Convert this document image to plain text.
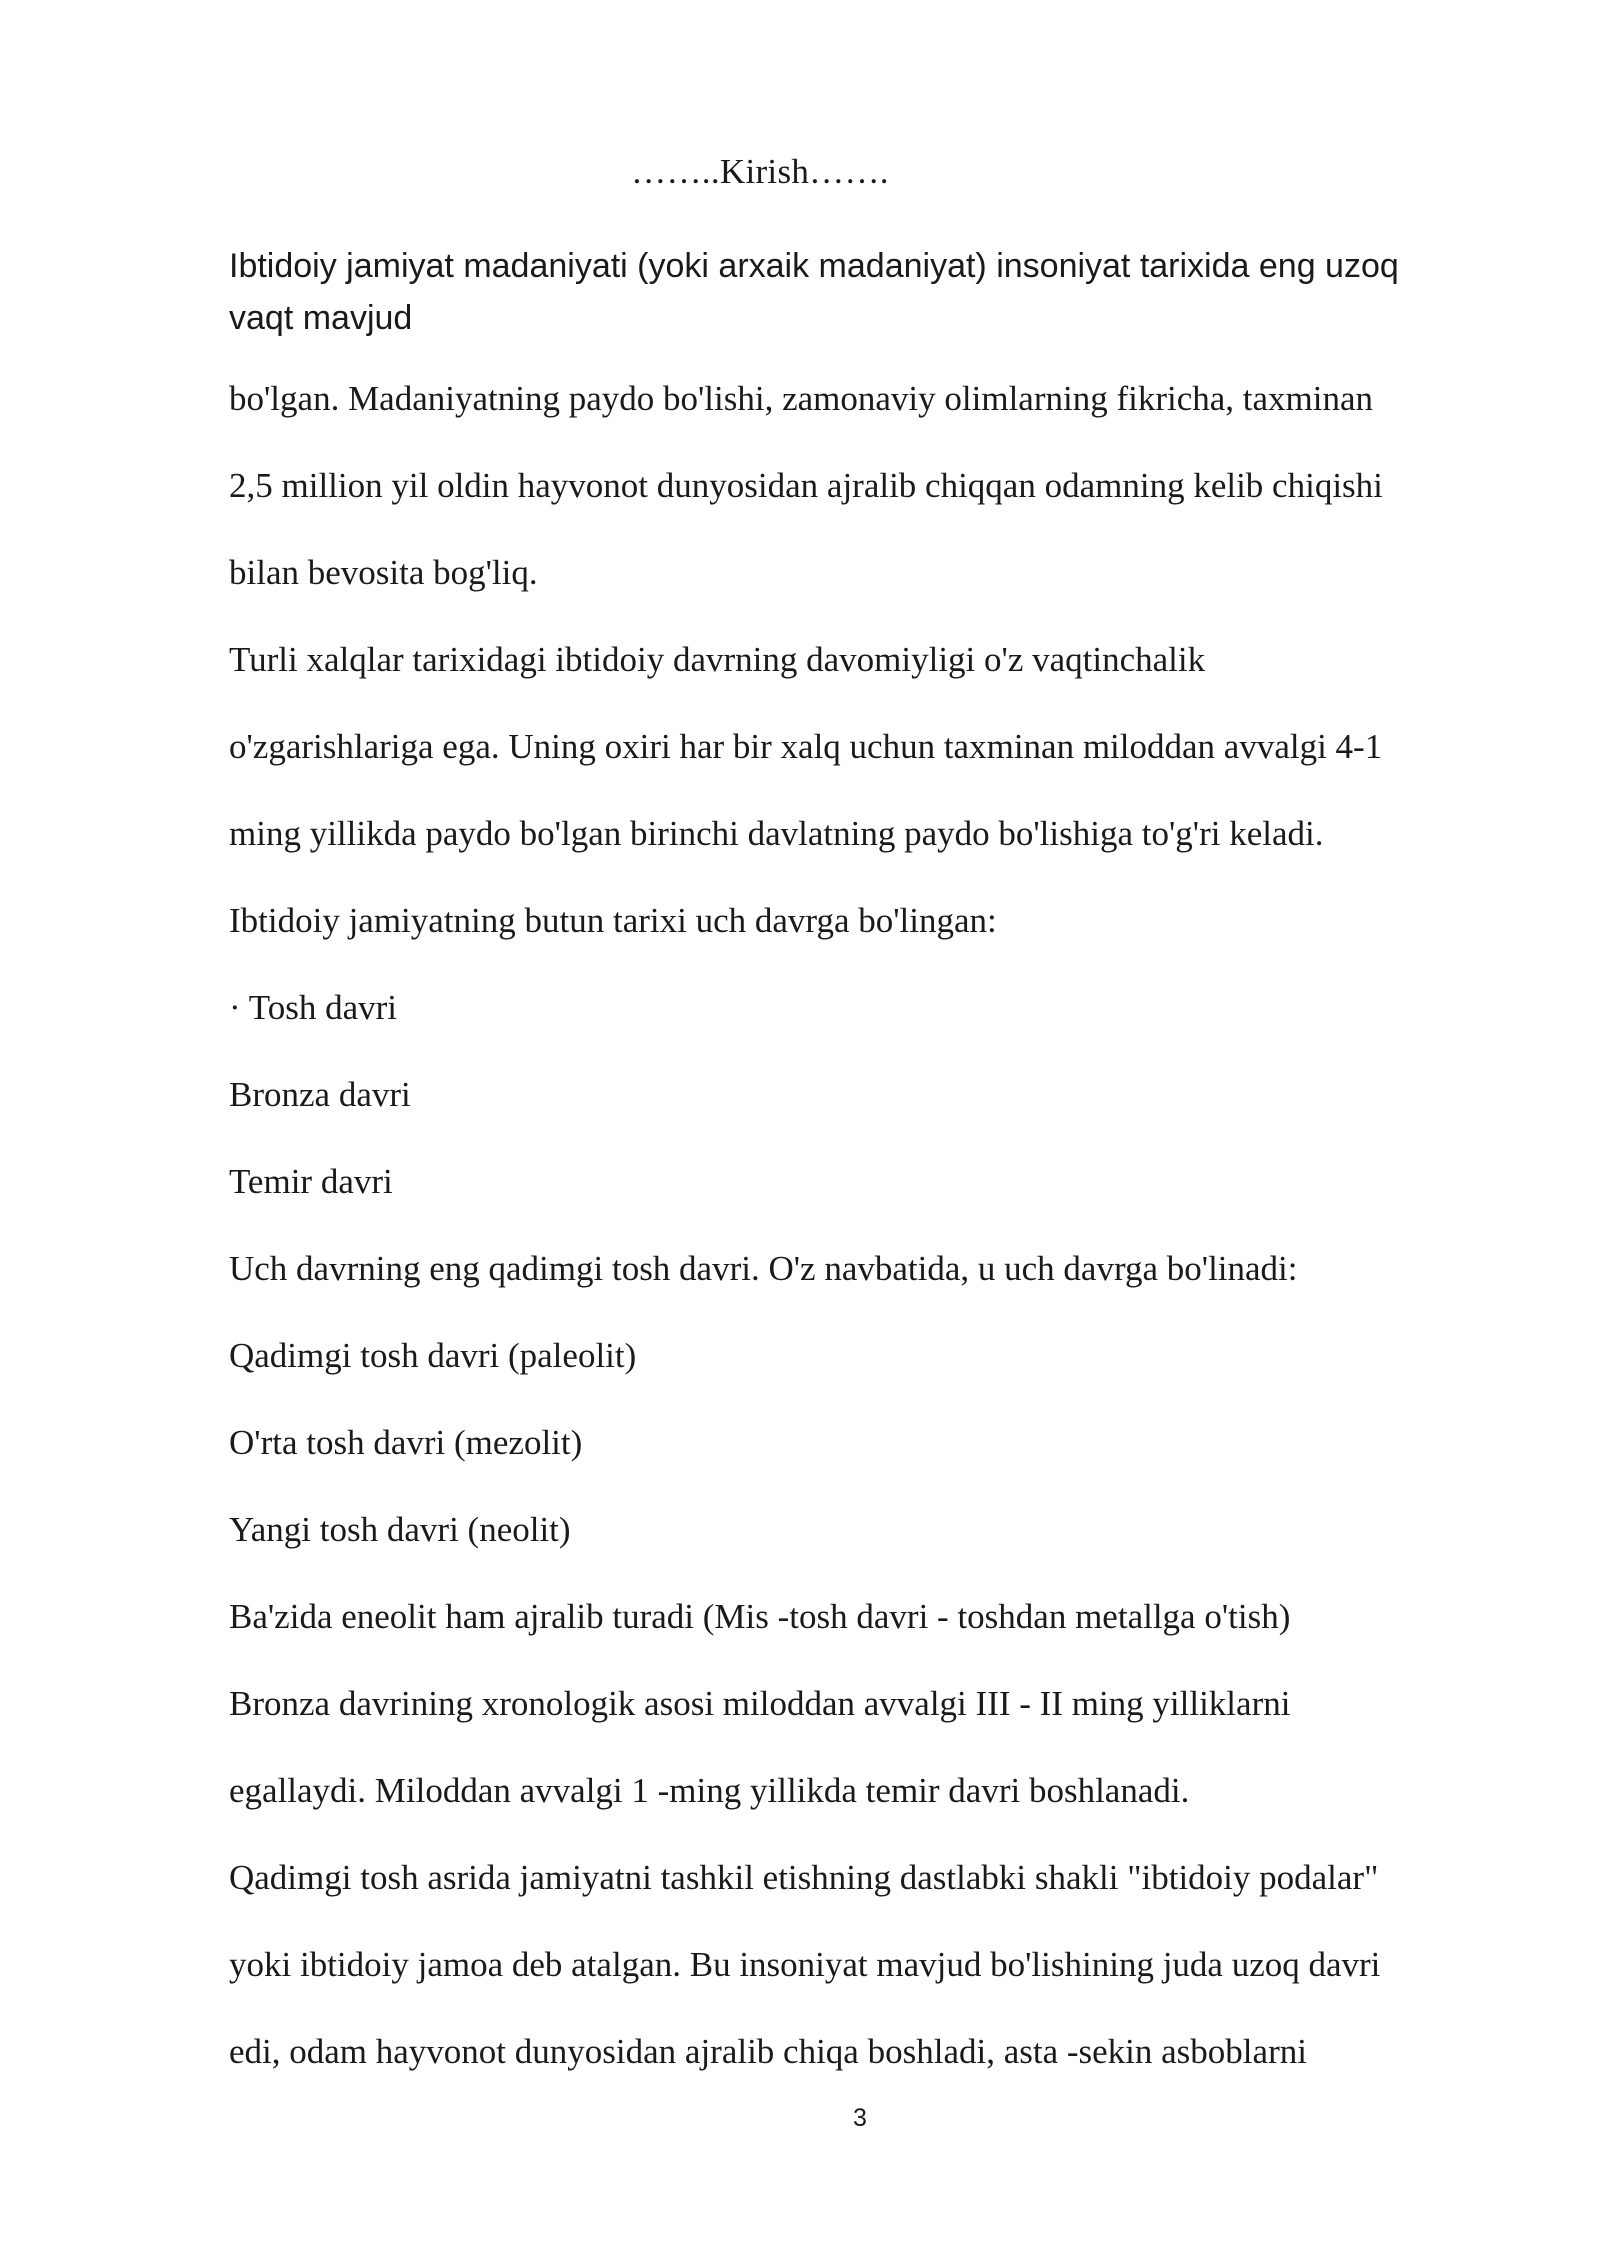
……..Kirish…….
Ibtidoiy jamiyat madaniyati (yoki arxaik madaniyat) insoniyat tarixida eng uzoq
vaqt mavjud
bo'lgan. Madaniyatning paydo bo'lishi, zamonaviy olimlarning fikricha, taxminan
2,5 million yil oldin hayvonot dunyosidan ajralib chiqqan odamning kelib chiqishi
bilan bevosita bog'liq.
Turli xalqlar tarixidagi ibtidoiy davrning davomiyligi o'z vaqtinchalik
o'zgarishlariga ega. Uning oxiri har bir xalq uchun taxminan miloddan avvalgi 4-1
ming yillikda paydo bo'lgan birinchi davlatning paydo bo'lishiga to'g'ri keladi.
Ibtidoiy jamiyatning butun tarixi uch davrga bo'lingan:
· Tosh davri
Bronza davri
Temir davri
Uch davrning eng qadimgi tosh davri. O'z navbatida, u uch davrga bo'linadi:
Qadimgi tosh davri (paleolit)
O'rta tosh davri (mezolit)
Yangi tosh davri (neolit)
Ba'zida eneolit ham ajralib turadi (Mis -tosh davri - toshdan metallga o'tish)
Bronza davrining xronologik asosi miloddan avvalgi III - II ming yilliklarni
egallaydi. Miloddan avvalgi 1 -ming yillikda temir davri boshlanadi.
Qadimgi tosh asrida jamiyatni tashkil etishning dastlabki shakli "ibtidoiy podalar"
yoki ibtidoiy jamoa deb atalgan. Bu insoniyat mavjud bo'lishining juda uzoq davri
edi, odam hayvonot dunyosidan ajralib chiqa boshladi, asta -sekin asboblarni
3
